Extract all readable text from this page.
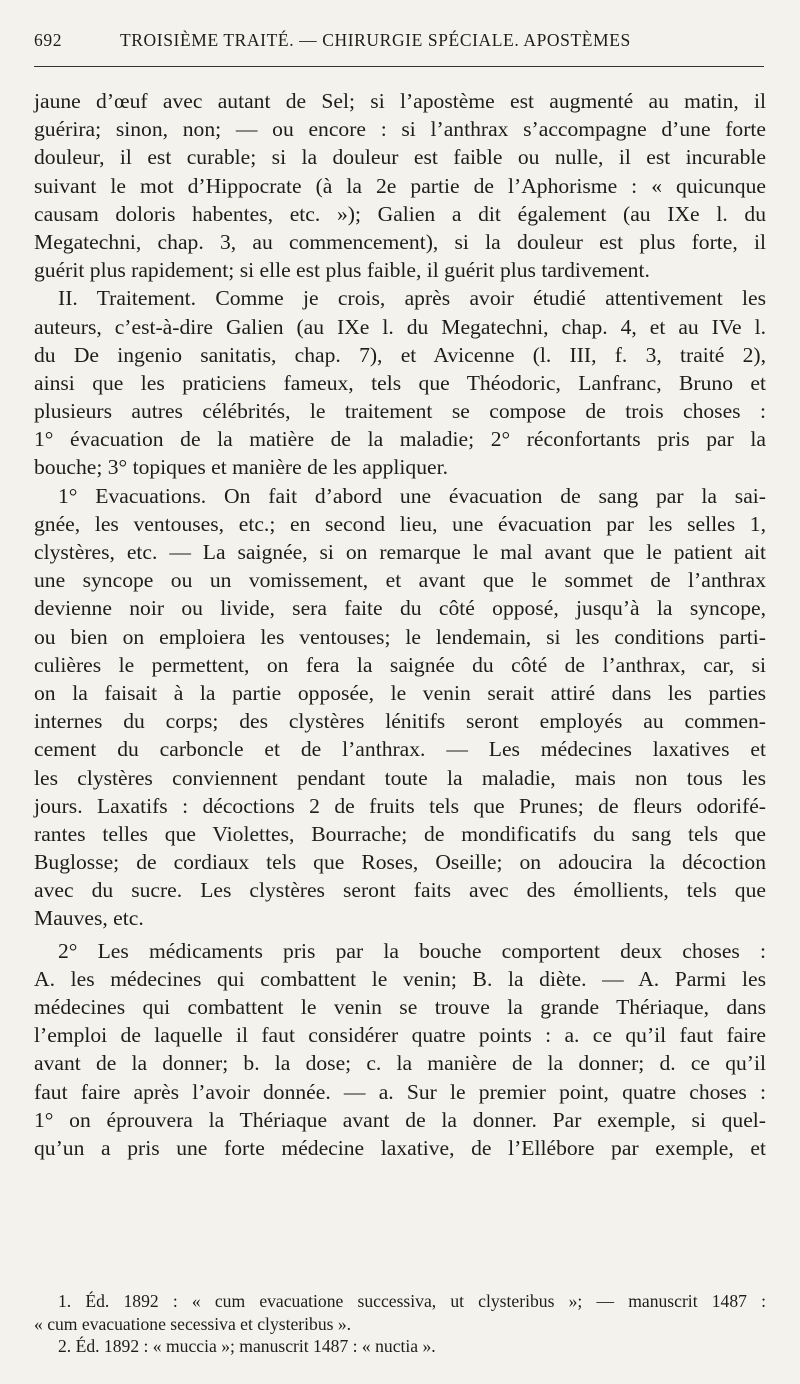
692	TROISIÈME TRAITÉ. — CHIRURGIE SPÉCIALE. APOSTÈMES
jaune d’œuf avec autant de Sel; si l’apostème est augmenté au matin, il
guérira; sinon, non; — ou encore : si l’anthrax s’accompagne d’une forte
douleur, il est curable; si la douleur est faible ou nulle, il est incurable
suivant le mot d’Hippocrate (à la 2e partie de l’Aphorisme : « quicunque
causam doloris habentes, etc. »); Galien a dit également (au IXe l. du
Megatechni, chap. 3, au commencement), si la douleur est plus forte, il
guérit plus rapidement; si elle est plus faible, il guérit plus tardivement.
II. Traitement. Comme je crois, après avoir étudié attentivement les
auteurs, c’est-à-dire Galien (au IXe l. du Megatechni, chap. 4, et au IVe l.
du De ingenio sanitatis, chap. 7), et Avicenne (l. III, f. 3, traité 2),
ainsi que les praticiens fameux, tels que Théodoric, Lanfranc, Bruno et
plusieurs autres célébrités, le traitement se compose de trois choses :
1° évacuation de la matière de la maladie; 2° réconfortants pris par la
bouche; 3° topiques et manière de les appliquer.
1° Evacuations. On fait d’abord une évacuation de sang par la sai-
gnée, les ventouses, etc.; en second lieu, une évacuation par les selles 1,
clystères, etc. — La saignée, si on remarque le mal avant que le patient ait
une syncope ou un vomissement, et avant que le sommet de l’anthrax
devienne noir ou livide, sera faite du côté opposé, jusqu’à la syncope,
ou bien on emploiera les ventouses; le lendemain, si les conditions parti-
culières le permettent, on fera la saignée du côté de l’anthrax, car, si
on la faisait à la partie opposée, le venin serait attiré dans les parties
internes du corps; des clystères lénitifs seront employés au commen-
cement du carboncle et de l’anthrax. — Les médecines laxatives et
les clystères conviennent pendant toute la maladie, mais non tous les
jours. Laxatifs : décoctions 2 de fruits tels que Prunes; de fleurs odorifé-
rantes telles que Violettes, Bourrache; de mondificatifs du sang tels que
Buglosse; de cordiaux tels que Roses, Oseille; on adoucira la décoction
avec du sucre. Les clystères seront faits avec des émollients, tels que
Mauves, etc.
2° Les médicaments pris par la bouche comportent deux choses :
A. les médecines qui combattent le venin; B. la diète. — A. Parmi les
médecines qui combattent le venin se trouve la grande Thériaque, dans
l’emploi de laquelle il faut considérer quatre points : a. ce qu’il faut faire
avant de la donner; b. la dose; c. la manière de la donner; d. ce qu’il
faut faire après l’avoir donnée. — a. Sur le premier point, quatre choses :
1° on éprouvera la Thériaque avant de la donner. Par exemple, si quel-
qu’un a pris une forte médecine laxative, de l’Ellébore par exemple, et
1. Éd. 1892 : « cum evacuatione successiva, ut clysteribus »; — manuscrit 1487 :
« cum evacuatione secessiva et clysteribus ».
2. Éd. 1892 : « muccia »; manuscrit 1487 : « nuctia ».
